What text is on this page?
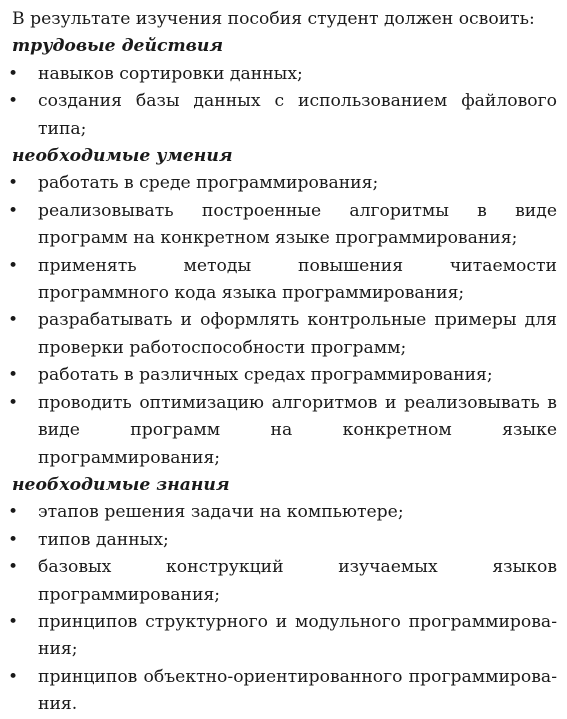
В результате изучения пособия студент должен освоить:

трудовые действия

• навыков сортировки данных;
• создания базы данных с использованием файлового типа;

необходимые умения

• работать в среде программирования;
• реализовывать построенные алгоритмы в виде программ на конкретном языке программирования;
• применять методы повышения читаемости программного кода языка программирования;
• разрабатывать и оформлять контрольные примеры для проверки работоспособности программ;
• работать в различных средах программирования;
• проводить оптимизацию алгоритмов и реализовывать в виде программ на конкретном языке программирования;

необходимые знания

• этапов решения задачи на компьютере;
• типов данных;
• базовых конструкций изучаемых языков программирования;
• принципов структурного и модульного программирования;
• принципов объектно-ориентированного программирования.
